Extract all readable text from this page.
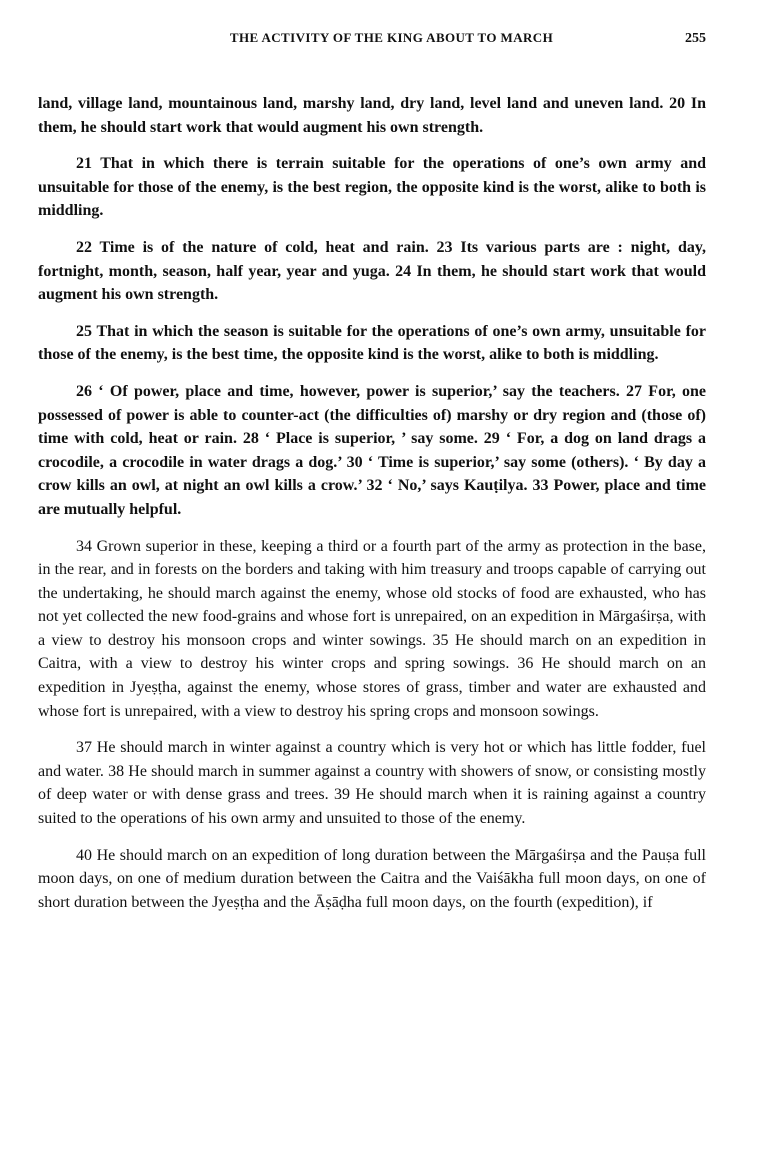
THE ACTIVITY OF THE KING ABOUT TO MARCH	255

land, village land, mountainous land, marshy land, dry land, level land and uneven land. 20 In them, he should start work that would augment his own strength.

21 That in which there is terrain suitable for the operations of one’s own army and unsuitable for those of the enemy, is the best region, the opposite kind is the worst, alike to both is middling.

22 Time is of the nature of cold, heat and rain. 23 Its various parts are : night, day, fortnight, month, season, half year, year and yuga. 24 In them, he should start work that would augment his own strength.

25 That in which the season is suitable for the operations of one’s own army, unsuitable for those of the enemy, is the best time, the opposite kind is the worst, alike to both is middling.

26 ‘ Of power, place and time, however, power is superior,’ say the teachers. 27 For, one possessed of power is able to counter-act (the difficulties of) marshy or dry region and (those of) time with cold, heat or rain. 28 ‘ Place is superior, ’ say some. 29 ‘ For, a dog on land drags a crocodile, a crocodile in water drags a dog.’ 30 ‘ Time is superior,’ say some (others). ‘ By day a crow kills an owl, at night an owl kills a crow.’ 32 ‘ No,’ says Kauṭilya. 33 Power, place and time are mutually helpful.

34 Grown superior in these, keeping a third or a fourth part of the army as protection in the base, in the rear, and in forests on the borders and taking with him treasury and troops capable of carrying out the undertaking, he should march against the enemy, whose old stocks of food are exhausted, who has not yet collected the new food-grains and whose fort is unrepaired, on an expedition in Mārgaśirṣa, with a view to destroy his monsoon crops and winter sowings. 35 He should march on an expedition in Caitra, with a view to destroy his winter crops and spring sowings. 36 He should march on an expedition in Jyeṣṭha, against the enemy, whose stores of grass, timber and water are exhausted and whose fort is unrepaired, with a view to destroy his spring crops and monsoon sowings.

37 He should march in winter against a country which is very hot or which has little fodder, fuel and water. 38 He should march in summer against a country with showers of snow, or consisting mostly of deep water or with dense grass and trees. 39 He should march when it is raining against a country suited to the operations of his own army and unsuited to those of the enemy.

40 He should march on an expedition of long duration between the Mārgaśirṣa and the Pauṣa full moon days, on one of medium duration between the Caitra and the Vaiśākha full moon days, on one of short duration between the Jyeṣṭha and the Āṣāḍha full moon days, on the fourth (expedition), if
